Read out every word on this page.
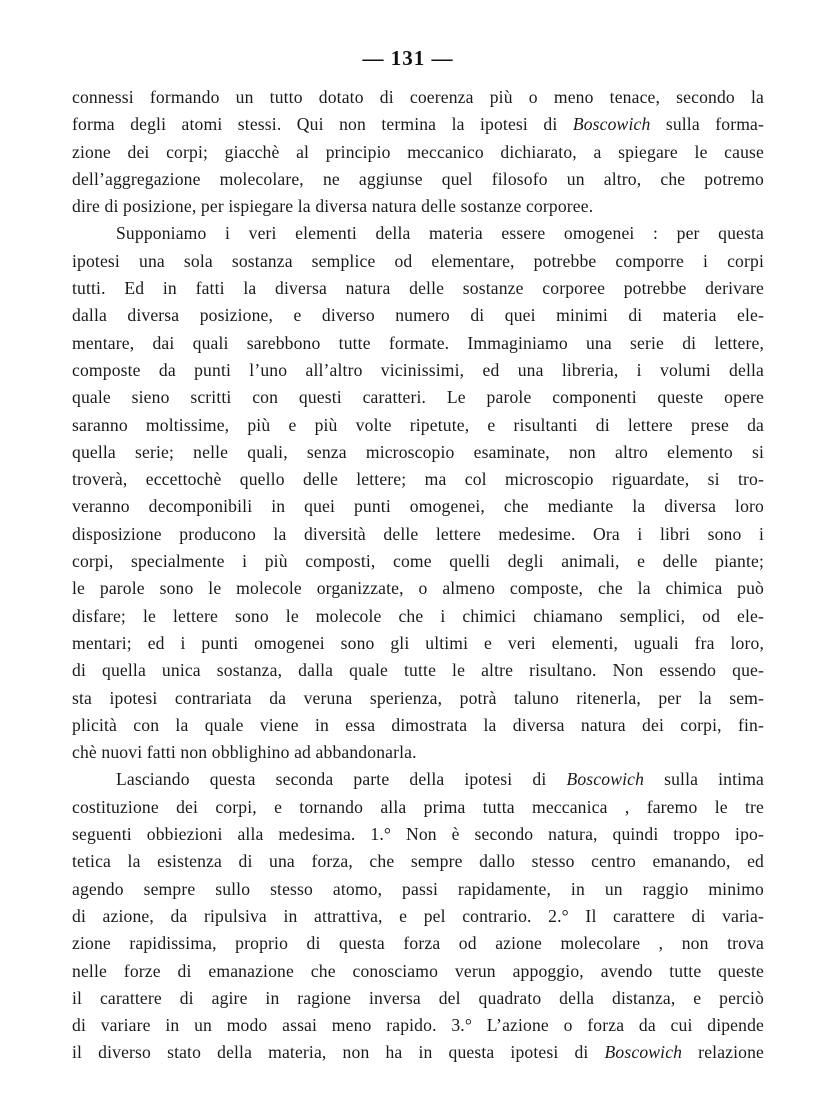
— 131 —
connessi formando un tutto dotato di coerenza più o meno tenace, secondo la
forma degli atomi stessi. Qui non termina la ipotesi di Boscowich sulla forma-
zione dei corpi; giacchè al principio meccanico dichiarato, a spiegare le cause
dell’aggregazione molecolare, ne aggiunse quel filosofo un altro, che potremo
dire di posizione, per ispiegare la diversa natura delle sostanze corporee.
Supponiamo i veri elementi della materia essere omogenei : per questa
ipotesi una sola sostanza semplice od elementare, potrebbe comporre i corpi
tutti. Ed in fatti la diversa natura delle sostanze corporee potrebbe derivare
dalla diversa posizione, e diverso numero di quei minimi di materia ele-
mentare, dai quali sarebbono tutte formate. Immaginiamo una serie di lettere,
composte da punti l’uno all’altro vicinissimi, ed una libreria, i volumi della
quale sieno scritti con questi caratteri. Le parole componenti queste opere
saranno moltissime, più e più volte ripetute, e risultanti di lettere prese da
quella serie; nelle quali, senza microscopio esaminate, non altro elemento si
troverà, eccettochè quello delle lettere; ma col microscopio riguardate, si tro-
veranno decomponibili in quei punti omogenei, che mediante la diversa loro
disposizione producono la diversità delle lettere medesime. Ora i libri sono i
corpi, specialmente i più composti, come quelli degli animali, e delle piante;
le parole sono le molecole organizzate, o almeno composte, che la chimica può
disfare; le lettere sono le molecole che i chimici chiamano semplici, od ele-
mentari; ed i punti omogenei sono gli ultimi e veri elementi, uguali fra loro,
di quella unica sostanza, dalla quale tutte le altre risultano. Non essendo que-
sta ipotesi contrariata da veruna sperienza, potrà taluno ritenerla, per la sem-
plicità con la quale viene in essa dimostrata la diversa natura dei corpi, fin-
chè nuovi fatti non obblighino ad abbandonarla.
Lasciando questa seconda parte della ipotesi di Boscowich sulla intima
costituzione dei corpi, e tornando alla prima tutta meccanica , faremo le tre
seguenti obbiezioni alla medesima. 1.° Non è secondo natura, quindi troppo ipo-
tetica la esistenza di una forza, che sempre dallo stesso centro emanando, ed
agendo sempre sullo stesso atomo, passi rapidamente, in un raggio minimo
di azione, da ripulsiva in attrattiva, e pel contrario. 2.° Il carattere di varia-
zione rapidissima, proprio di questa forza od azione molecolare , non trova
nelle forze di emanazione che conosciamo verun appoggio, avendo tutte queste
il carattere di agire in ragione inversa del quadrato della distanza, e perciò
di variare in un modo assai meno rapido. 3.° L’azione o forza da cui dipende
il diverso stato della materia, non ha in questa ipotesi di Boscowich relazione
